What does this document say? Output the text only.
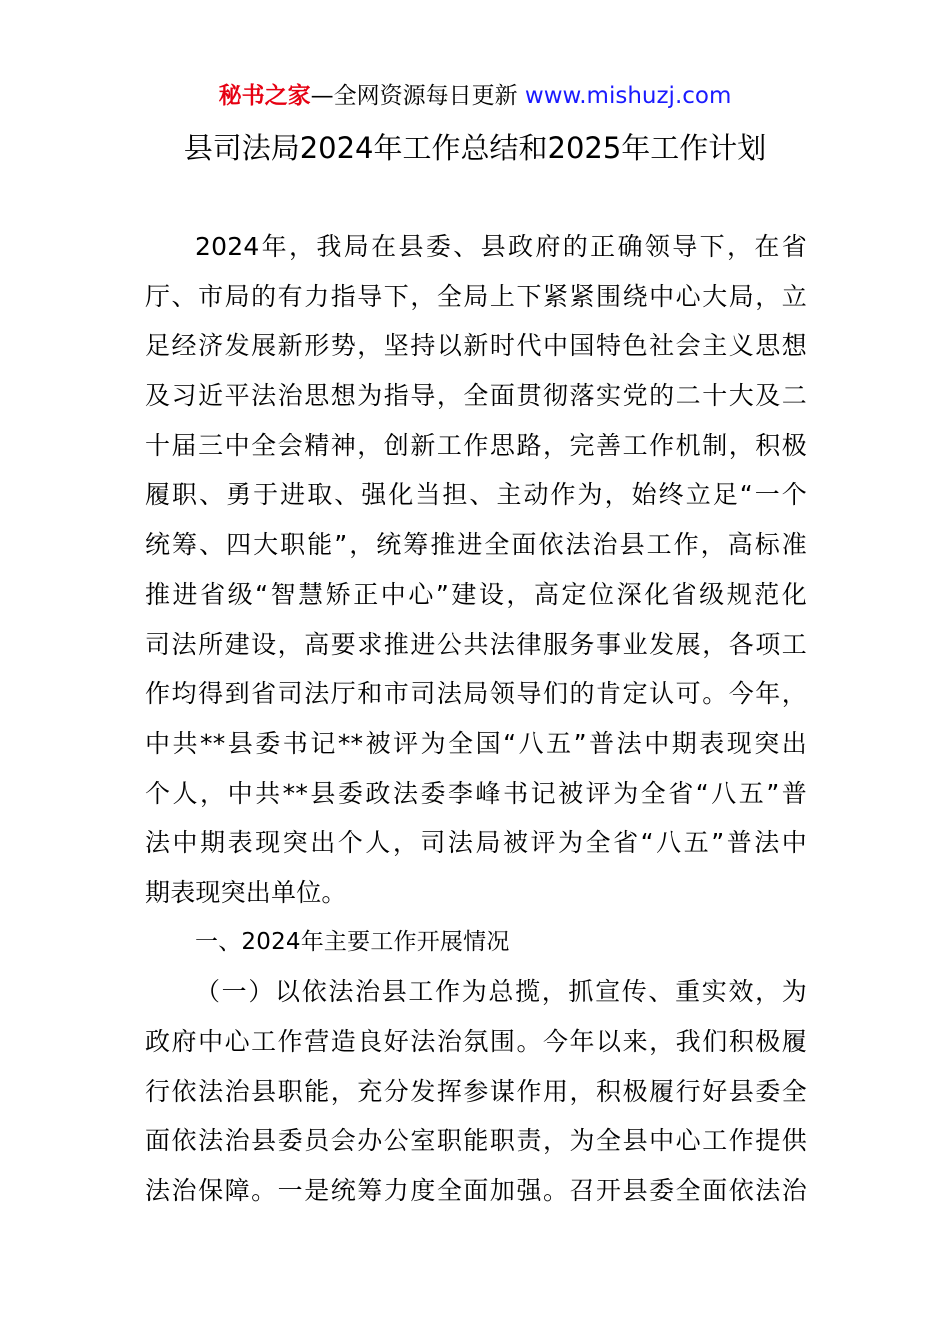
秘书之家—全网资源每日更新 www.mishuzj.com
县司法局2024年工作总结和2025年工作计划
2024年，我局在县委、县政府的正确领导下，在省
厅、市局的有力指导下，全局上下紧紧围绕中心大局，立
足经济发展新形势，坚持以新时代中国特色社会主义思想
及习近平法治思想为指导，全面贯彻落实党的二十大及二
十届三中全会精神，创新工作思路，完善工作机制，积极
履职、勇于进取、强化当担、主动作为，始终立足“一个
统筹、四大职能”，统筹推进全面依法治县工作，高标准
推进省级“智慧矫正中心”建设，高定位深化省级规范化
司法所建设，高要求推进公共法律服务事业发展，各项工
作均得到省司法厅和市司法局领导们的肯定认可。今年，
中共**县委书记**被评为全国“八五”普法中期表现突出
个人，中共**县委政法委李峰书记被评为全省“八五”普
法中期表现突出个人，司法局被评为全省“八五”普法中
期表现突出单位。
一、2024年主要工作开展情况
（一）以依法治县工作为总揽，抓宣传、重实效，为
政府中心工作营造良好法治氛围。今年以来，我们积极履
行依法治县职能，充分发挥参谋作用，积极履行好县委全
面依法治县委员会办公室职能职责，为全县中心工作提供
法治保障。一是统筹力度全面加强。召开县委全面依法治
